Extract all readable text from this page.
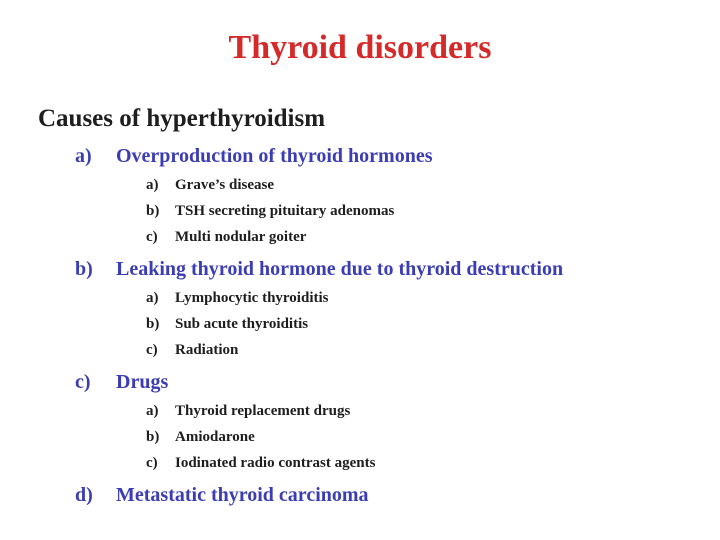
Thyroid disorders
Causes of hyperthyroidism
a) Overproduction of thyroid hormones
a) Grave’s disease
b) TSH secreting pituitary adenomas
c) Multi nodular goiter
b) Leaking thyroid hormone due to thyroid destruction
a) Lymphocytic thyroiditis
b) Sub acute thyroiditis
c) Radiation
c) Drugs
a) Thyroid replacement drugs
b) Amiodarone
c) Iodinated radio contrast agents
d) Metastatic thyroid carcinoma
